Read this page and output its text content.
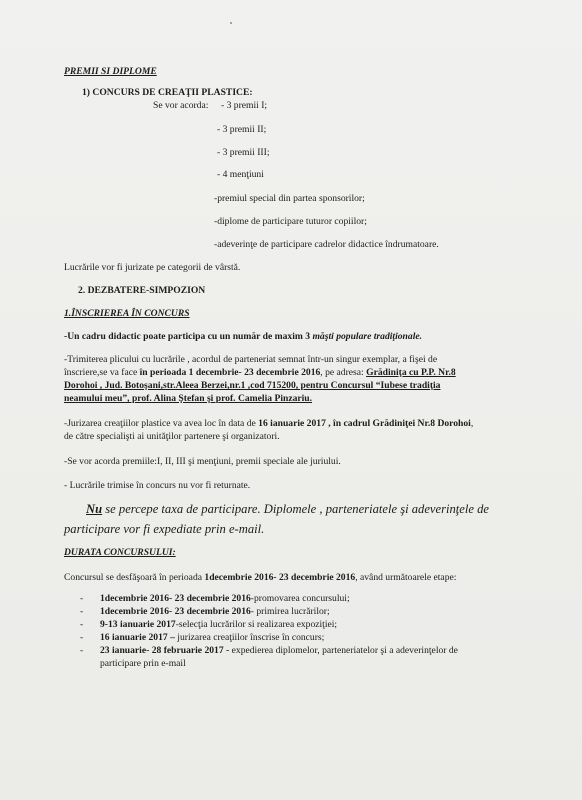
PREMII SI DIPLOME
1) CONCURS DE CREAŢII PLASTICE:
Se vor acorda: - 3 premii I;
- 3 premii II;
- 3 premii III;
- 4 menţiuni
-premiul special din partea sponsorilor;
-diplome de participare tuturor copiilor;
-adeverinţe de participare cadrelor didactice îndrumatoare.
Lucrările vor fi jurizate pe categorii de vârstă.
2. DEZBATERE-SIMPOZION
1.ÎNSCRIEREA ÎN CONCURS
-Un cadru didactic poate participa cu un număr de maxim 3 măşti populare tradiţionale.
-Trimiterea plicului cu lucrările , acordul de parteneriat semnat într-un singur exemplar, a fişei de
înscriere,se va face în perioada 1 decembrie- 23 decembrie 2016, pe adresa: Grădiniţa cu P.P. Nr.8
Dorohoi , Jud. Botoşani,str.Aleea Berzei,nr.1 ,cod 715200, pentru Concursul “Iubese tradiţia
neamului meu”, prof. Alina Ştefan şi prof. Camelia Pinzariu.
-Jurizarea creaţiilor plastice va avea loc în data de 16 ianuarie 2017 , în cadrul Grădiniţei Nr.8 Dorohoi,
de către specialişti ai unităţilor partenere şi organizatori.
-Se vor acorda premiile:I, II, III şi menţiuni, premii speciale ale juriului.
- Lucrările trimise în concurs nu vor fi returnate.
Nu se percepe taxa de participare. Diplomele , parteneriatele şi adeverinţele de
participare vor fi expediate prin e-mail.
DURATA CONCURSULUI:
Concursul se desfăşoară în perioada 1decembrie 2016- 23 decembrie 2016, având următoarele etape:
- 1decembrie 2016- 23 decembrie 2016-promovarea concursului;
- 1decembrie 2016- 23 decembrie 2016- primirea lucrărilor;
- 9-13 ianuarie 2017-selecţia lucrărilor si realizarea expoziţiei;
- 16 ianuarie 2017 – jurizarea creaţiilor înscrise în concurs;
- 23 ianuarie- 28 februarie 2017 - expedierea diplomelor, parteneriatelor şi a adeverinţelor de
participare prin e-mail
